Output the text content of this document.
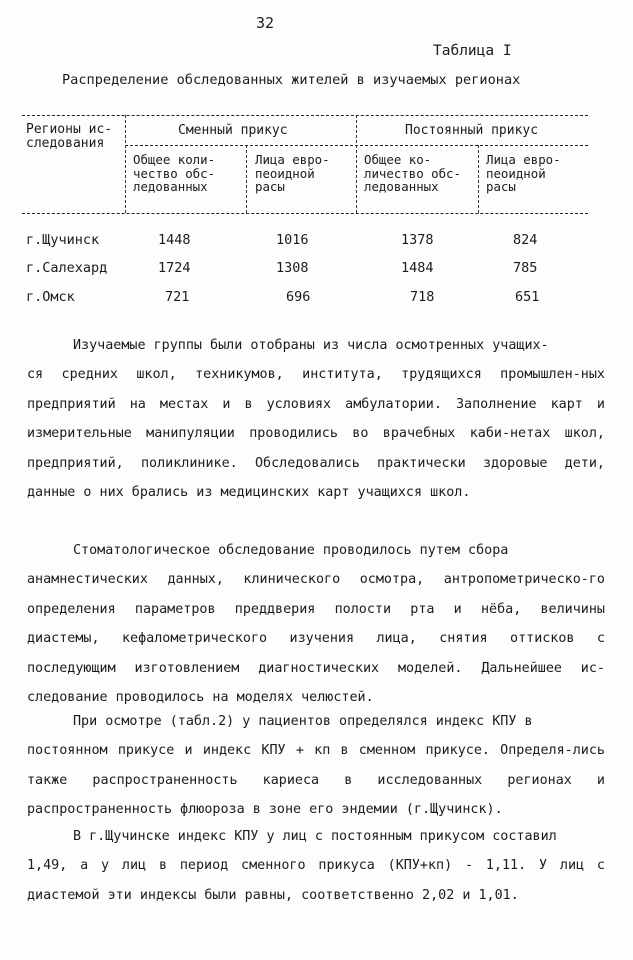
32
Таблица I
Распределение обследованных жителей в изучаемых регионах
Регионы ис-
следования
Сменный прикус	Постоянный прикус
Общее коли-
чество обс-
ледованных
Лица евро-
пеоидной
расы
Общее ко-
личество обс-
ледованных
Лица евро-
пеоидной
расы
г.Щучинск	1448	1016	1378	824
г.Салехард	1724	1308	1484	785
г.Омск	721	696	718	651
Изучаемые группы были отобраны из числа осмотренных учащих-
ся средних школ, техникумов, института, трудящихся промышлен-ных предприятий на местах и в условиях амбулатории. Заполнение карт и измерительные манипуляции проводились во врачебных каби-нетах школ, предприятий, поликлинике. Обследовались практически здоровые дети, данные о них брались из медицинских карт учащихся школ.
Стоматологическое обследование проводилось путем сбора
анамнестических данных, клинического осмотра, антропометрическо-го определения параметров преддверия полости рта и нёба, величины диастемы, кефалометрического изучения лица, снятия оттисков с последующим изготовлением диагностических моделей. Дальнейшее ис-следование проводилось на моделях челюстей.
При осмотре (табл.2) у пациентов определялся индекс КПУ в
постоянном прикусе и индекс КПУ + кп в сменном прикусе. Определя-лись также распространенность кариеса в исследованных регионах и распространенность флюороза в зоне его эндемии (г.Щучинск).
В г.Щучинске индекс КПУ у лиц с постоянным прикусом составил
1,49, а у лиц в период сменного прикуса (КПУ+кп) - 1,11. У лиц с диастемой эти индексы были равны, соответственно 2,02 и 1,01.
